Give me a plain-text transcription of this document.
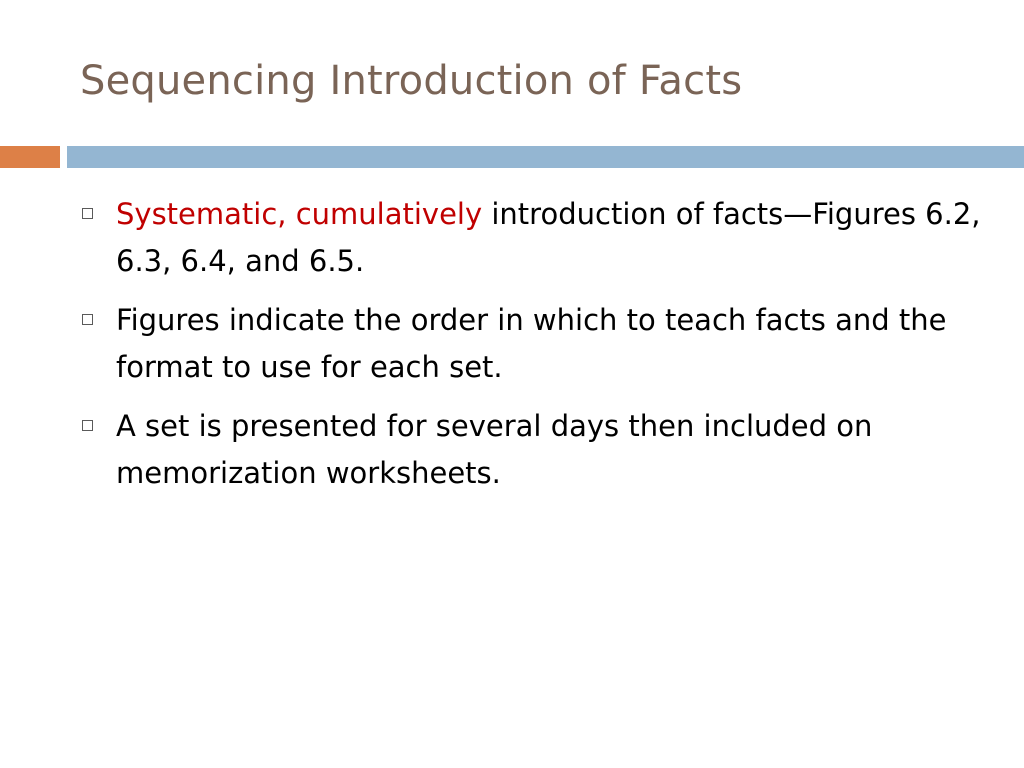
Sequencing Introduction of Facts
Systematic, cumulatively introduction of facts—Figures 6.2, 6.3, 6.4, and 6.5.
Figures indicate the order in which to teach facts and the format to use for each set.
A set is presented for several days then included on memorization worksheets.
